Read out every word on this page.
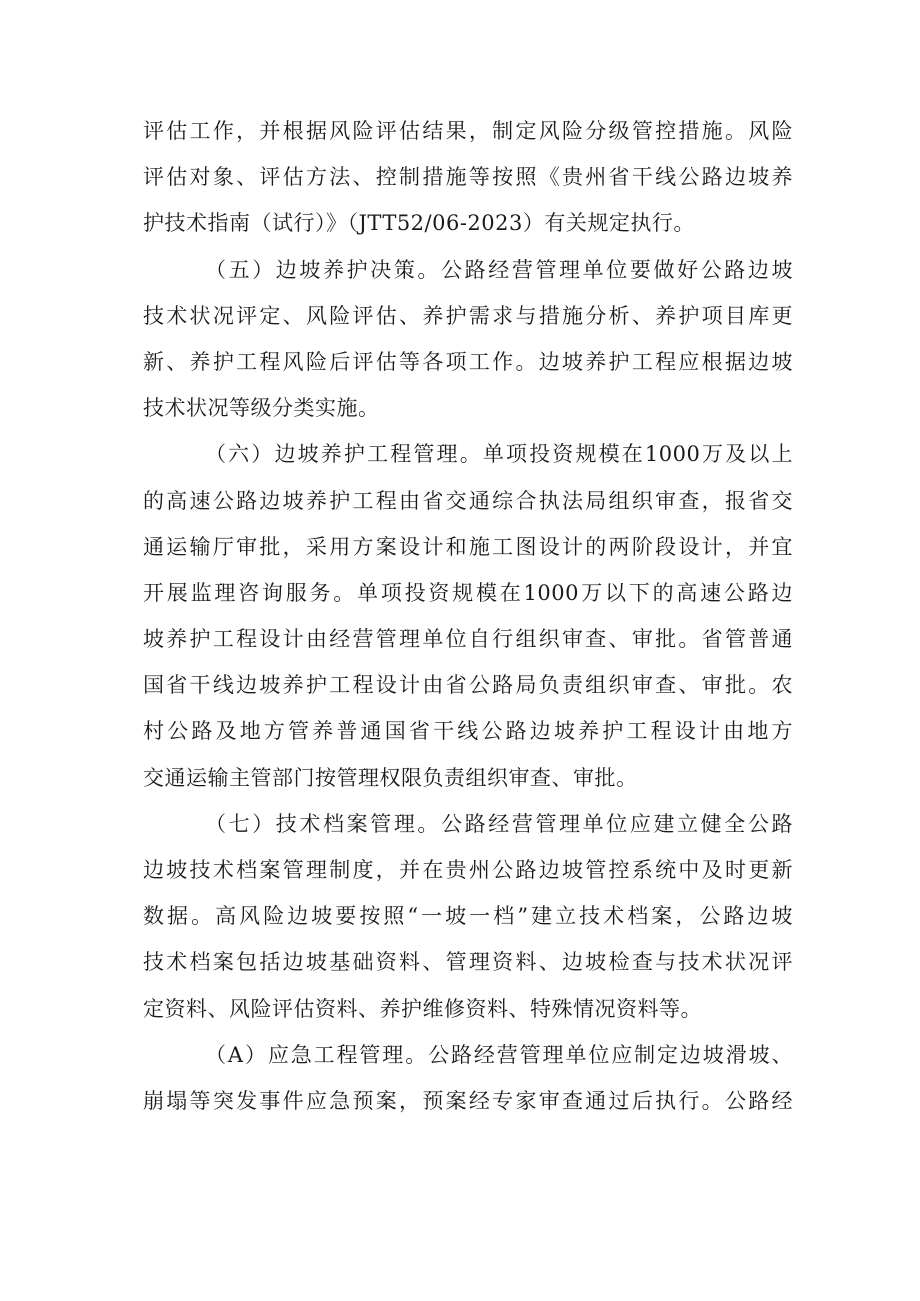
评估工作，并根据风险评估结果，制定风险分级管控措施。风险
评估对象、评估方法、控制措施等按照《贵州省干线公路边坡养
护技术指南（试行）》（JTT52/06-2023）有关规定执行。
（五）边坡养护决策。公路经营管理单位要做好公路边坡
技术状况评定、风险评估、养护需求与措施分析、养护项目库更
新、养护工程风险后评估等各项工作。边坡养护工程应根据边坡
技术状况等级分类实施。
（六）边坡养护工程管理。单项投资规模在1000万及以上
的高速公路边坡养护工程由省交通综合执法局组织审查，报省交
通运输厅审批，采用方案设计和施工图设计的两阶段设计，并宜
开展监理咨询服务。单项投资规模在1000万以下的高速公路边
坡养护工程设计由经营管理单位自行组织审查、审批。省管普通
国省干线边坡养护工程设计由省公路局负责组织审查、审批。农
村公路及地方管养普通国省干线公路边坡养护工程设计由地方
交通运输主管部门按管理权限负责组织审查、审批。
（七）技术档案管理。公路经营管理单位应建立健全公路
边坡技术档案管理制度，并在贵州公路边坡管控系统中及时更新
数据。高风险边坡要按照“一坡一档”建立技术档案，公路边坡
技术档案包括边坡基础资料、管理资料、边坡检查与技术状况评
定资料、风险评估资料、养护维修资料、特殊情况资料等。
（A）应急工程管理。公路经营管理单位应制定边坡滑坡、
崩塌等突发事件应急预案，预案经专家审查通过后执行。公路经
